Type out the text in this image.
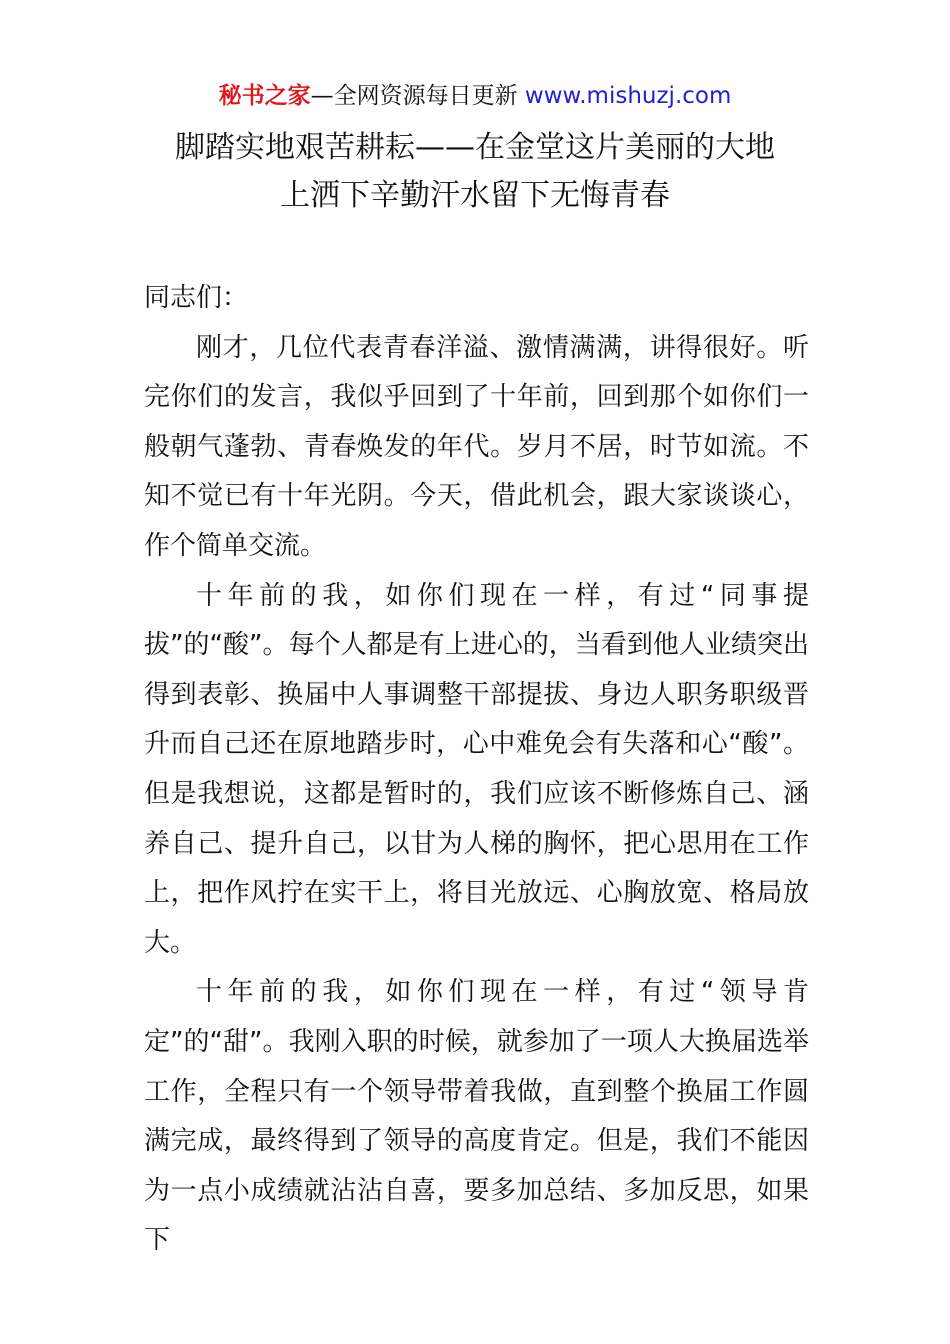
秘书之家—全网资源每日更新 www.mishuzj.com
脚踏实地艰苦耕耘——在金堂这片美丽的大地
上洒下辛勤汗水留下无悔青春

同志们：

刚才，几位代表青春洋溢、激情满满，讲得很好。听完你们的发言，我似乎回到了十年前，回到那个如你们一般朝气蓬勃、青春焕发的年代。岁月不居，时节如流。不知不觉已有十年光阴。今天，借此机会，跟大家谈谈心，作个简单交流。

十年前的我，如你们现在一样，有过“同事提拔”的“酸”。每个人都是有上进心的，当看到他人业绩突出得到表彰、换届中人事调整干部提拔、身边人职务职级晋升而自己还在原地踏步时，心中难免会有失落和心“酸”。但是我想说，这都是暂时的，我们应该不断修炼自己、涵养自己、提升自己，以甘为人梯的胸怀，把心思用在工作上，把作风拧在实干上，将目光放远、心胸放宽、格局放大。

十年前的我，如你们现在一样，有过“领导肯定”的“甜”。我刚入职的时候，就参加了一项人大换届选举工作，全程只有一个领导带着我做，直到整个换届工作圆满完成，最终得到了领导的高度肯定。但是，我们不能因为一点小成绩就沾沾自喜，要多加总结、多加反思，如果下
